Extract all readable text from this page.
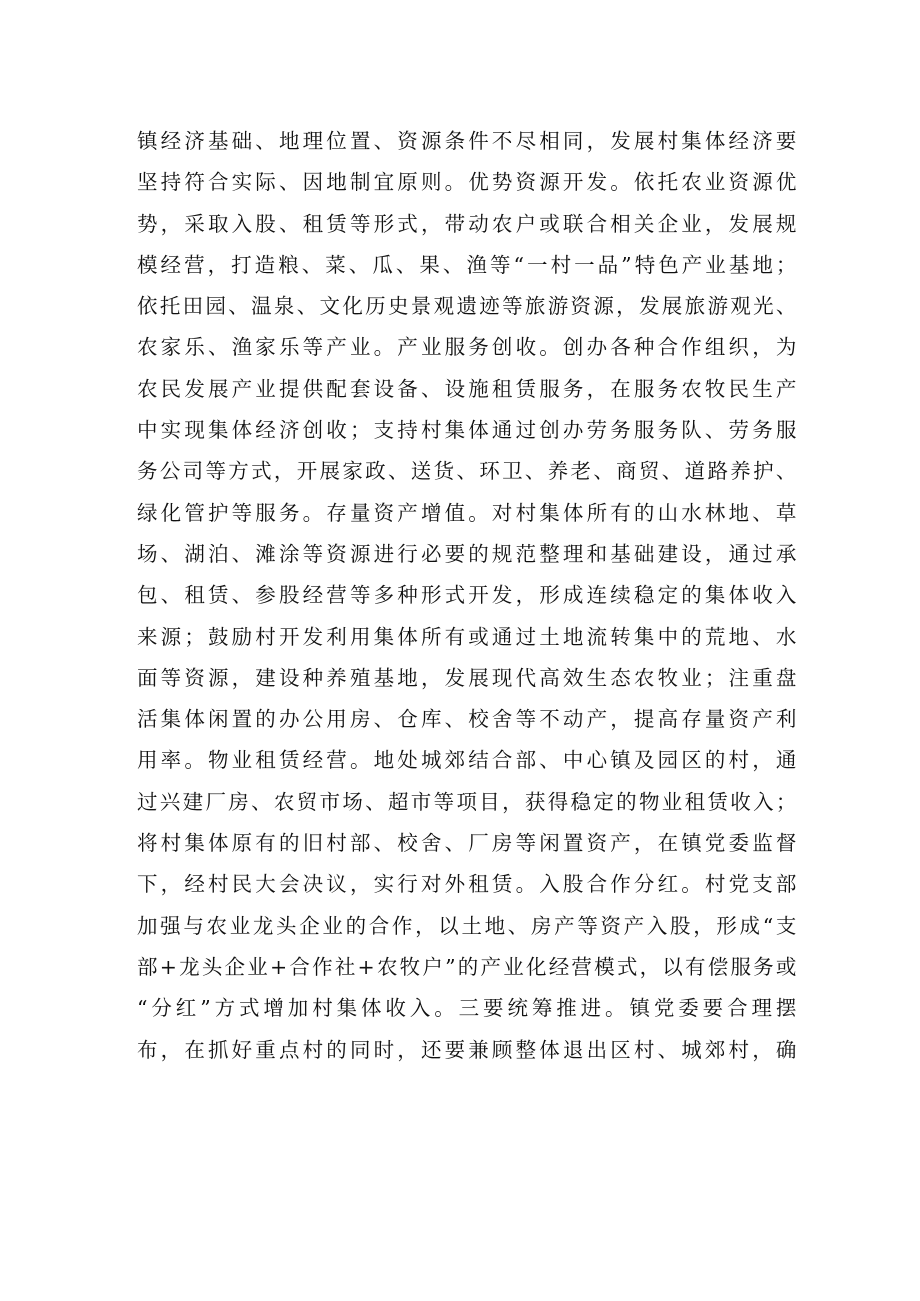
镇经济基础、地理位置、资源条件不尽相同，发展村集体经济要
坚持符合实际、因地制宜原则。优势资源开发。依托农业资源优
势，采取入股、租赁等形式，带动农户或联合相关企业，发展规
模经营，打造粮、菜、瓜、果、渔等“一村一品”特色产业基地；
依托田园、温泉、文化历史景观遗迹等旅游资源，发展旅游观光、
农家乐、渔家乐等产业。产业服务创收。创办各种合作组织，为
农民发展产业提供配套设备、设施租赁服务，在服务农牧民生产
中实现集体经济创收；支持村集体通过创办劳务服务队、劳务服
务公司等方式，开展家政、送货、环卫、养老、商贸、道路养护、
绿化管护等服务。存量资产增值。对村集体所有的山水林地、草
场、湖泊、滩涂等资源进行必要的规范整理和基础建设，通过承
包、租赁、参股经营等多种形式开发，形成连续稳定的集体收入
来源；鼓励村开发利用集体所有或通过土地流转集中的荒地、水
面等资源，建设种养殖基地，发展现代高效生态农牧业；注重盘
活集体闲置的办公用房、仓库、校舍等不动产，提高存量资产利
用率。物业租赁经营。地处城郊结合部、中心镇及园区的村，通
过兴建厂房、农贸市场、超市等项目，获得稳定的物业租赁收入；
将村集体原有的旧村部、校舍、厂房等闲置资产，在镇党委监督
下，经村民大会决议，实行对外租赁。入股合作分红。村党支部
加强与农业龙头企业的合作，以土地、房产等资产入股，形成“支
部+龙头企业+合作社+农牧户”的产业化经营模式，以有偿服务或
“分红”方式增加村集体收入。三要统筹推进。镇党委要合理摆
布，在抓好重点村的同时，还要兼顾整体退出区村、城郊村，确
